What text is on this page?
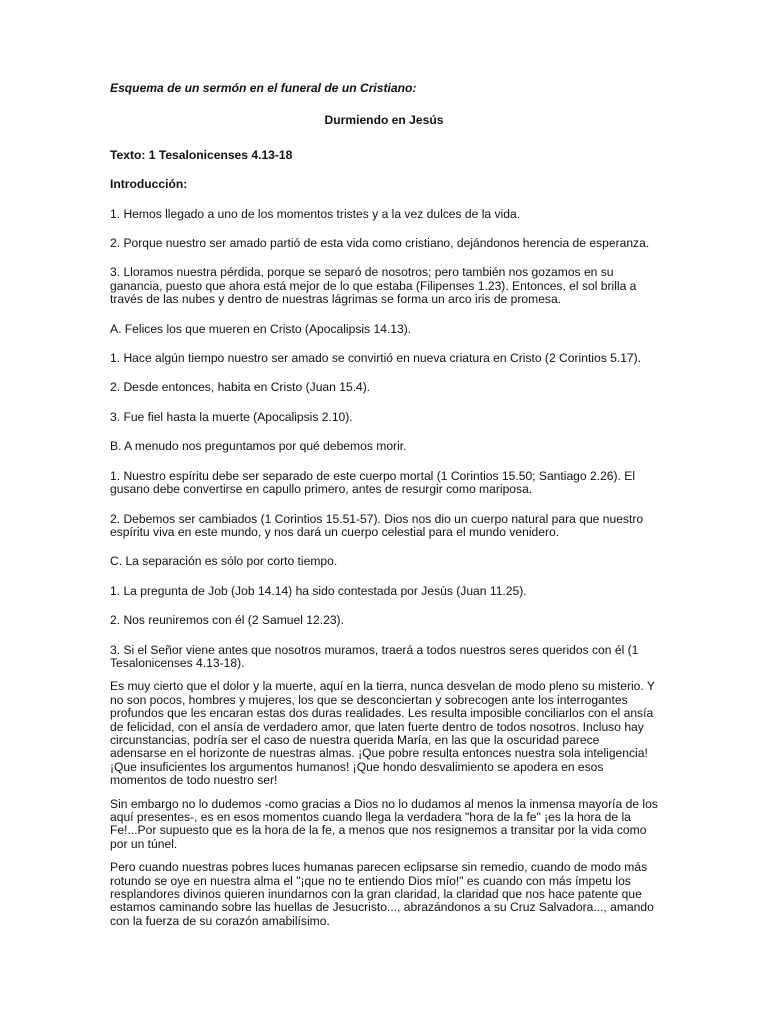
Esquema de un sermón en el funeral de un Cristiano:

Durmiendo en Jesús

Texto: 1 Tesalonicenses 4.13-18

Introducción:

1. Hemos llegado a uno de los momentos tristes y a la vez dulces de la vida.

2. Porque nuestro ser amado partió de esta vida como cristiano, dejándonos herencia de esperanza.

3. Lloramos nuestra pérdida, porque se separó de nosotros; pero también nos gozamos en su ganancia, puesto que ahora está mejor de lo que estaba (Filipenses 1.23). Entonces, el sol brilla a través de las nubes y dentro de nuestras lágrimas se forma un arco iris de promesa.

A. Felices los que mueren en Cristo (Apocalipsis 14.13).

1. Hace algún tiempo nuestro ser amado se convirtió en nueva criatura en Cristo (2 Corintios 5.17).

2. Desde entonces, habita en Cristo (Juan 15.4).

3. Fue fiel hasta la muerte (Apocalipsis 2.10).

B. A menudo nos preguntamos por qué debemos morir.

1. Nuestro espíritu debe ser separado de este cuerpo mortal (1 Corintios 15.50; Santiago 2.26). El gusano debe convertirse en capullo primero, antes de resurgir como mariposa.

2. Debemos ser cambiados (1 Corintios 15.51-57). Dios nos dio un cuerpo natural para que nuestro espíritu viva en este mundo, y nos dará un cuerpo celestial para el mundo venidero.

C. La separación es sólo por corto tiempo.

1. La pregunta de Job (Job 14.14) ha sido contestada por Jesús (Juan 11.25).

2. Nos reuniremos con él (2 Samuel 12.23).

3. Si el Señor viene antes que nosotros muramos, traerá a todos nuestros seres queridos con él (1 Tesalonicenses 4.13-18).

Es muy cierto que el dolor y la muerte, aquí en la tierra, nunca desvelan de modo pleno su misterio. Y no son pocos, hombres y mujeres, los que se desconciertan y sobrecogen ante los interrogantes profundos que les encaran estas dos duras realidades. Les resulta imposible conciliarlos con el ansía de felicidad, con el ansía de verdadero amor, que laten fuerte dentro de todos nosotros. Incluso hay circunstancias, podría ser el caso de nuestra querida María, en las que la oscuridad parece adensarse en el horizonte de nuestras almas. ¡Que pobre resulta entonces nuestra sola inteligencia! ¡Que insuficientes los argumentos humanos! ¡Que hondo desvalimiento se apodera en esos momentos de todo nuestro ser!

Sin embargo no lo dudemos -como gracias a Dios no lo dudamos al menos la inmensa mayoría de los aquí presentes-, es en esos momentos cuando llega la verdadera "hora de la fe" ¡es la hora de la Fe!...Por supuesto que es la hora de la fe, a menos que nos resignemos a transitar por la vida como por un túnel.

Pero cuando nuestras pobres luces humanas parecen eclipsarse sin remedio, cuando de modo más rotundo se oye en nuestra alma el "¡que no te entiendo Dios mío!" es cuando con más ímpetu los resplandores divinos quieren inundarnos con la gran claridad, la claridad que nos hace patente que estamos caminando sobre las huellas de Jesucristo..., abrazándonos a su Cruz Salvadora..., amando con la fuerza de su corazón amabilísimo.
